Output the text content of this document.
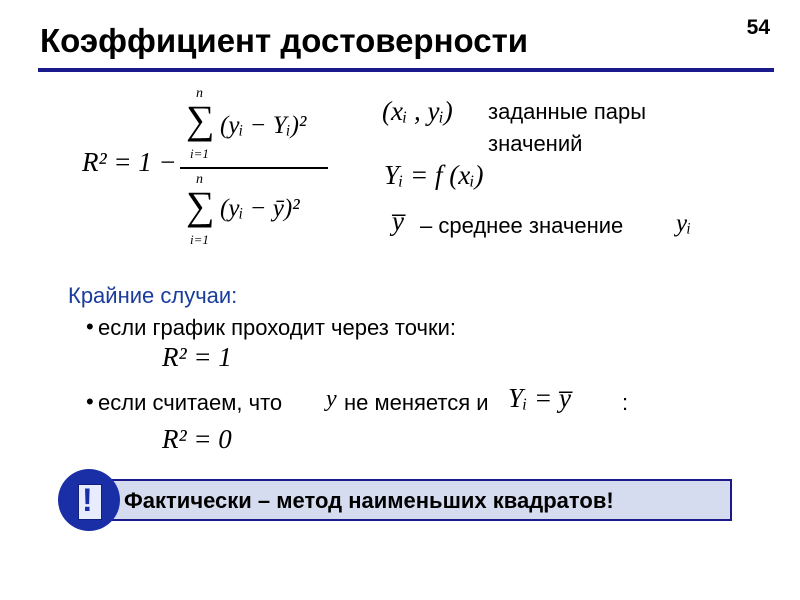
Коэффициент достоверности	54
R² = 1 −
n
∑
i=1
(yᵢ − Yᵢ)²
n
∑
i=1
(yᵢ − ȳ)²
(xᵢ , yᵢ) заданные пары
значений
Yᵢ = f (xᵢ)
y̅ – среднее значение yᵢ
Крайние случаи:
• если график проходит через точки:
R² = 1
• если считаем, что y не меняется и Yᵢ = y̅ :
R² = 0
! Фактически – метод наименьших квадратов!
